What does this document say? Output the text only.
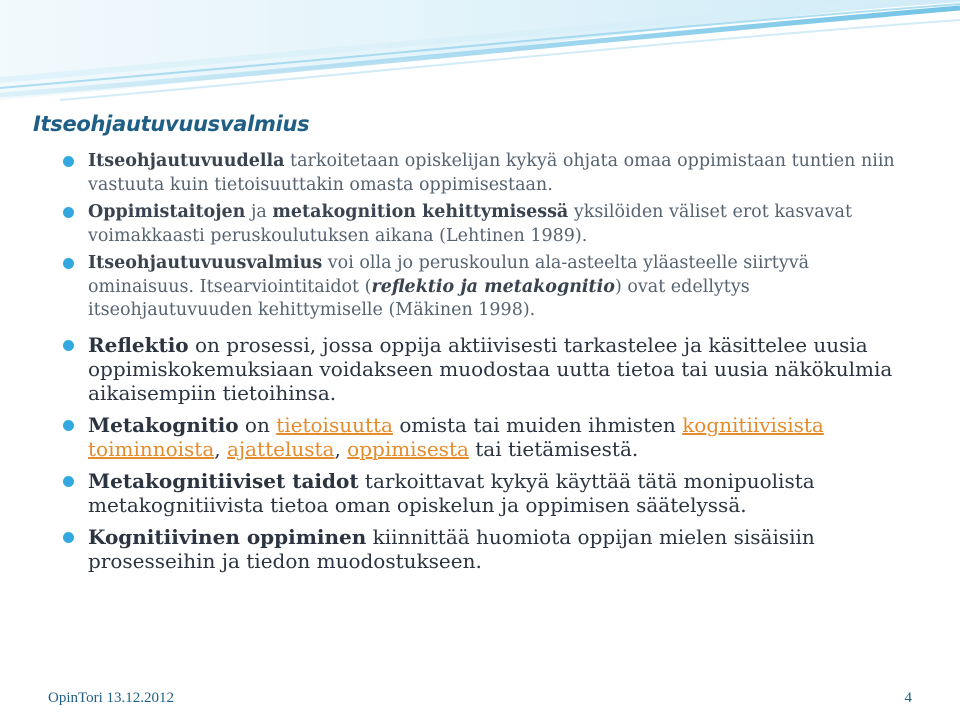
Itseohjautuvuusvalmius
Itseohjautuvuudella tarkoitetaan opiskelijan kykyä ohjata omaa oppimistaan tuntien niin vastuuta kuin tietoisuuttakin omasta oppimisestaan.
Oppimistaitojen ja metakognition kehittymisessä yksilöiden väliset erot kasvavat voimakkaasti peruskoulutuksen aikana (Lehtinen 1989).
Itseohjautuvuusvalmius voi olla jo peruskoulun ala-asteelta yläasteelle siirtyvä ominaisuus. Itsearviointitaidot (reflektio ja metakognitio) ovat edellytys itseohjautuvuuden kehittymiselle (Mäkinen 1998).
Reflektio on prosessi, jossa oppija aktiivisesti tarkastelee ja käsittelee uusia oppimiskokemuksiaan voidakseen muodostaa uutta tietoa tai uusia näkökulmia aikaisempiin tietoihinsa.
Metakognitio on tietoisuutta omista tai muiden ihmisten kognitiivisista toiminnoista, ajattelusta, oppimisesta tai tietämisestä.
Metakognitiiviset taidot tarkoittavat kykyä käyttää tätä monipuolista metakognitiivista tietoa oman opiskelun ja oppimisen säätelyssä.
Kognitiivinen oppiminen kiinnittää huomiota oppijan mielen sisäisiin prosesseihin ja tiedon muodostukseen.
OpinTori 13.12.2012	4
